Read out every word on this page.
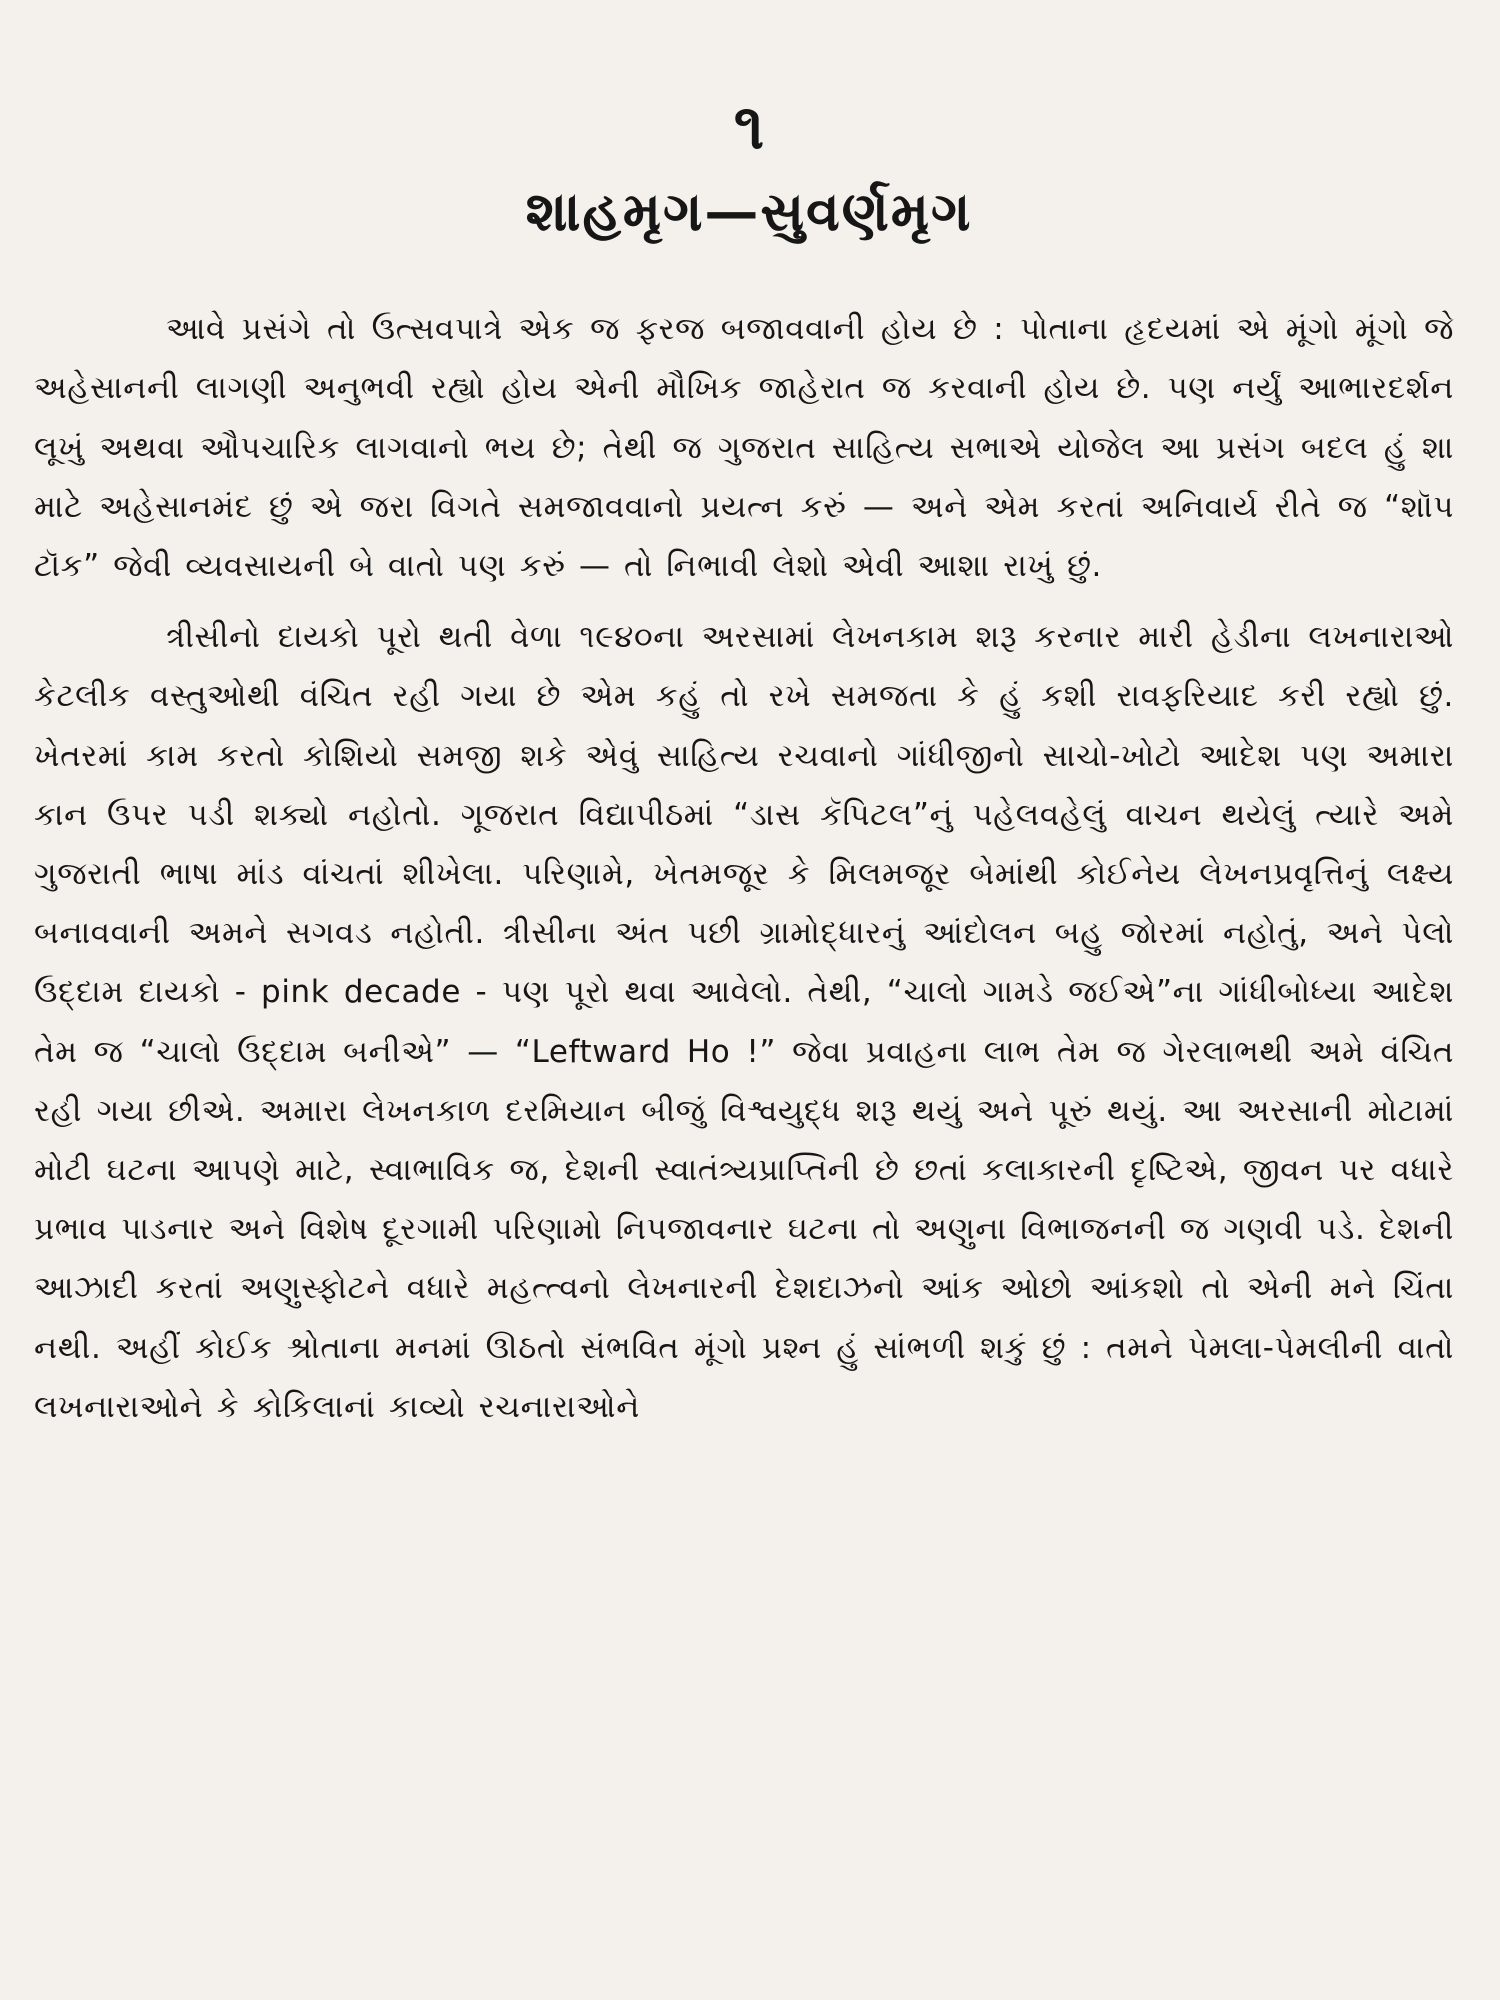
૧
શાહમૃગ—સુવર્ણમૃગ

આવે પ્રસંગે તો ઉત્સવપાત્રે એક જ ફરજ બજાવવાની હોય છે : પોતાના હૃદયમાં એ મૂંગો મૂંગો જે અહેસાનની લાગણી અનુભવી રહ્યો હોય એની મૌખિક જાહેરાત જ કરવાની હોય છે. પણ નર્યું આભારદર્શન લૂખું અથવા ઔપચારિક લાગવાનો ભય છે; તેથી જ ગુજરાત સાહિત્ય સભાએ યોજેલ આ પ્રસંગ બદલ હું શા માટે અહેસાનમંદ છું એ જરા વિગતે સમજાવવાનો પ્રયત્ન કરું — અને એમ કરતાં અનિવાર્ય રીતે જ “શૉપ ટૉક” જેવી વ્યવસાયની બે વાતો પણ કરું — તો નિભાવી લેશો એવી આશા રાખું છું.

ત્રીસીનો દાયકો પૂરો થતી વેળા ૧૯૪૦ના અરસામાં લેખનકામ શરૂ કરનાર મારી હેડીના લખનારાઓ કેટલીક વસ્તુઓથી વંચિત રહી ગયા છે એમ કહું તો રખે સમજતા કે હું કશી રાવફરિયાદ કરી રહ્યો છું. ખેતરમાં કામ કરતો કોશિયો સમજી શકે એવું સાહિત્ય રચવાનો ગાંધીજીનો સાચો-ખોટો આદેશ પણ અમારા કાન ઉપર પડી શક્યો નહોતો. ગૂજરાત વિદ્યાપીઠમાં “ડાસ કૅપિટલ”નું પહેલવહેલું વાચન થયેલું ત્યારે અમે ગુજરાતી ભાષા માંડ વાંચતાં શીખેલા. પરિણામે, ખેતમજૂર કે મિલમજૂર બેમાંથી કોઈનેય લેખનપ્રવૃત્તિનું લક્ષ્ય બનાવવાની અમને સગવડ નહોતી. ત્રીસીના અંત પછી ગ્રામોદ્ધારનું આંદોલન બહુ જોરમાં નહોતું, અને પેલો ઉદ્દામ દાયકો - pink decade - પણ પૂરો થવા આવેલો. તેથી, “ચાલો ગામડે જઈએ”ના ગાંધીબોધ્યા આદેશ તેમ જ “ચાલો ઉદ્દામ બનીએ” — “Leftward Ho !” જેવા પ્રવાહના લાભ તેમ જ ગેરલાભથી અમે વંચિત રહી ગયા છીએ. અમારા લેખનકાળ દરમિયાન બીજું વિશ્વયુદ્ધ શરૂ થયું અને પૂરું થયું. આ અરસાની મોટામાં મોટી ઘટના આપણે માટે, સ્વાભાવિક જ, દેશની સ્વાતંત્ર્યપ્રાપ્તિની છે છતાં કલાકારની દૃષ્ટિએ, જીવન પર વધારે પ્રભાવ પાડનાર અને વિશેષ દૂરગામી પરિણામો નિપજાવનાર ઘટના તો અણુના વિભાજનની જ ગણવી પડે. દેશની આઝાદી કરતાં અણુસ્ફોટને વધારે મહત્ત્વનો લેખનારની દેશદાઝનો આંક ઓછો આંકશો તો એની મને ચિંતા નથી. અહીં કોઈક શ્રોતાના મનમાં ઊઠતો સંભવિત મૂંગો પ્રશ્ન હું સાંભળી શકું છું : તમને પેમલા-પેમલીની વાતો લખનારાઓને કે કોકિલાનાં કાવ્યો રચનારાઓને
